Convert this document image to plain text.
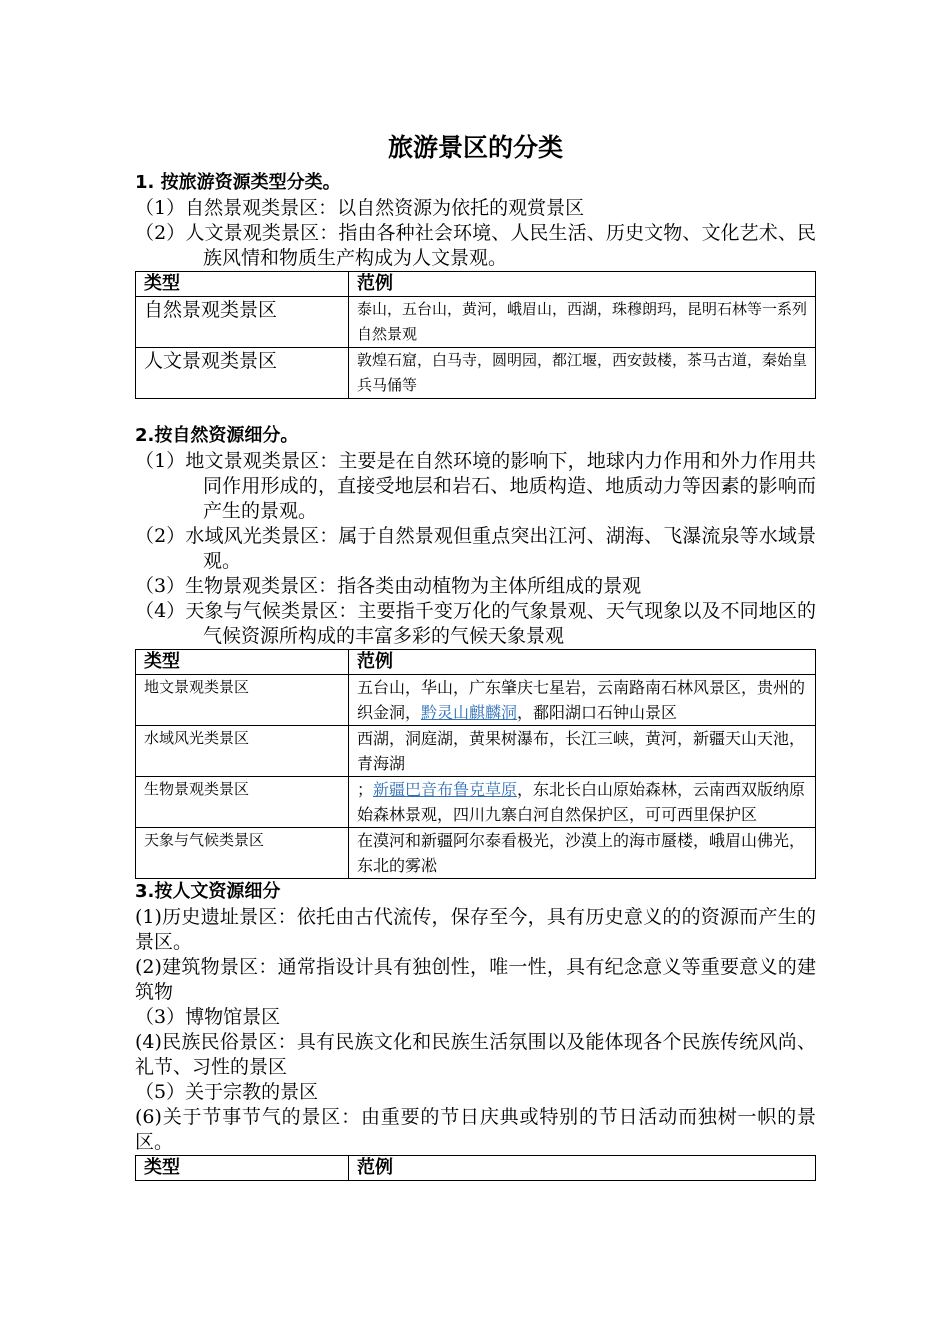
旅游景区的分类

1. 按旅游资源类型分类。

（1）自然景观类景区：以自然资源为依托的观赏景区

（2）人文景观类景区：指由各种社会环境、人民生活、历史文物、文化艺术、民族风情和物质生产构成为人文景观。

类型	范例
自然景观类景区	泰山，五台山，黄河，峨眉山，西湖，珠穆朗玛，昆明石林等一系列自然景观
人文景观类景区	敦煌石窟，白马寺，圆明园，都江堰，西安鼓楼，茶马古道，秦始皇兵马俑等

2.按自然资源细分。

（1）地文景观类景区：主要是在自然环境的影响下，地球内力作用和外力作用共同作用形成的，直接受地层和岩石、地质构造、地质动力等因素的影响而产生的景观。

（2）水域风光类景区：属于自然景观但重点突出江河、湖海、飞瀑流泉等水域景观。

（3）生物景观类景区：指各类由动植物为主体所组成的景观

（4）天象与气候类景区：主要指千变万化的气象景观、天气现象以及不同地区的气候资源所构成的丰富多彩的气候天象景观

类型	范例
地文景观类景区	五台山，华山，广东肇庆七星岩，云南路南石林风景区，贵州的织金洞，黔灵山麒麟洞，鄱阳湖口石钟山景区
水域风光类景区	西湖，洞庭湖，黄果树瀑布，长江三峡，黄河，新疆天山天池，青海湖
生物景观类景区	；新疆巴音布鲁克草原，东北长白山原始森林，云南西双版纳原始森林景观，四川九寨白河自然保护区，可可西里保护区
天象与气候类景区	在漠河和新疆阿尔泰看极光，沙漠上的海市蜃楼，峨眉山佛光，东北的雾凇

3.按人文资源细分

(1)历史遗址景区：依托由古代流传，保存至今，具有历史意义的的资源而产生的景区。

(2)建筑物景区：通常指设计具有独创性，唯一性，具有纪念意义等重要意义的建筑物

（3）博物馆景区

(4)民族民俗景区：具有民族文化和民族生活氛围以及能体现各个民族传统风尚、礼节、习性的景区

（5）关于宗教的景区

(6)关于节事节气的景区：由重要的节日庆典或特别的节日活动而独树一帜的景区。

类型	范例
